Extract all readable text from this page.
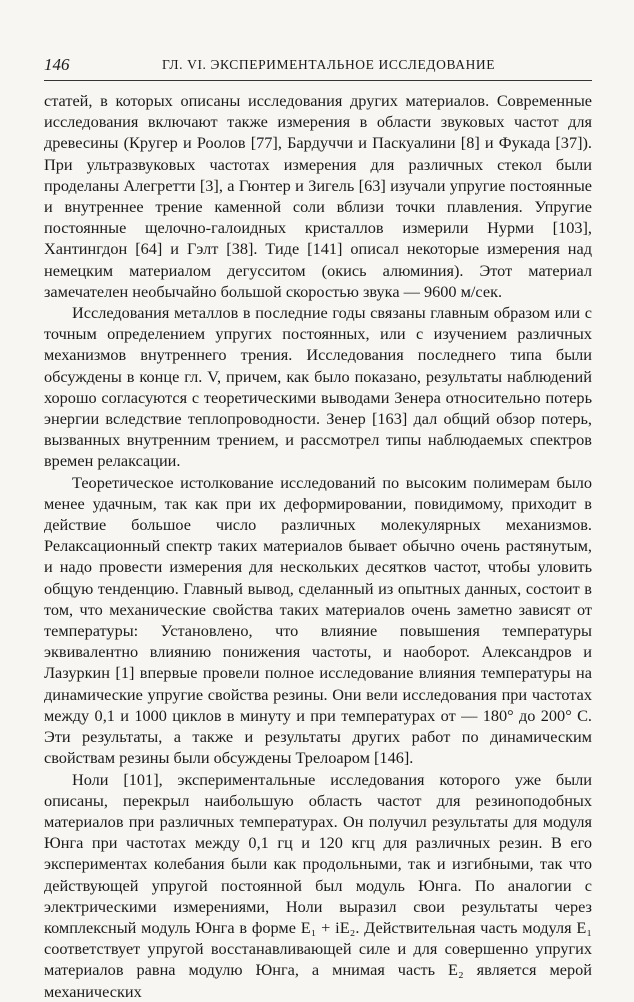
146	ГЛ. VI. ЭКСПЕРИМЕНТАЛЬНОЕ ИССЛЕДОВАНИЕ

статей, в которых описаны исследования других материалов. Современные исследования включают также измерения в области звуковых частот для древесины (Кругер и Роолов [77], Бардуччи и Паскуалини [8] и Фукада [37]). При ультразвуковых частотах измерения для различных стекол были проделаны Алегретти [3], а Гюнтер и Зигель [63] изучали упругие постоянные и внутреннее трение каменной соли вблизи точки плавления. Упругие постоянные щелочно-галоидных кристаллов измерили Нурми [103], Хантингдон [64] и Гэлт [38]. Тиде [141] описал некоторые измерения над немецким материалом дегусситом (окись алюминия). Этот материал замечателен необычайно большой скоростью звука — 9600 м/сек.

Исследования металлов в последние годы связаны главным образом или с точным определением упругих постоянных, или с изучением различных механизмов внутреннего трения. Исследования последнего типа были обсуждены в конце гл. V, причем, как было показано, результаты наблюдений хорошо согласуются с теоретическими выводами Зенера относительно потерь энергии вследствие теплопроводности. Зенер [163] дал общий обзор потерь, вызванных внутренним трением, и рассмотрел типы наблюдаемых спектров времен релаксации.

Теоретическое истолкование исследований по высоким полимерам было менее удачным, так как при их деформировании, повидимому, приходит в действие большое число различных молекулярных механизмов. Релаксационный спектр таких материалов бывает обычно очень растянутым, и надо провести измерения для нескольких десятков частот, чтобы уловить общую тенденцию. Главный вывод, сделанный из опытных данных, состоит в том, что механические свойства таких материалов очень заметно зависят от температуры: Установлено, что влияние повышения температуры эквивалентно влиянию понижения частоты, и наоборот. Александров и Лазуркин [1] впервые провели полное исследование влияния температуры на динамические упругие свойства резины. Они вели исследования при частотах между 0,1 и 1000 циклов в минуту и при температурах от — 180° до 200° С. Эти результаты, а также и результаты других работ по динамическим свойствам резины были обсуждены Трелоаром [146].

Ноли [101], экспериментальные исследования которого уже были описаны, перекрыл наибольшую область частот для резиноподобных материалов при различных температурах. Он получил результаты для модуля Юнга при частотах между 0,1 гц и 120 кгц для различных резин. В его экспериментах колебания были как продольными, так и изгибными, так что действующей упругой постоянной был модуль Юнга. По аналогии с электрическими измерениями, Ноли выразил свои результаты через комплексный модуль Юнга в форме E₁ + iE₂. Действительная часть модуля E₁ соответствует упругой восстанавливающей силе и для совершенно упругих материалов равна модулю Юнга, а мнимая часть E₂ является мерой механических
